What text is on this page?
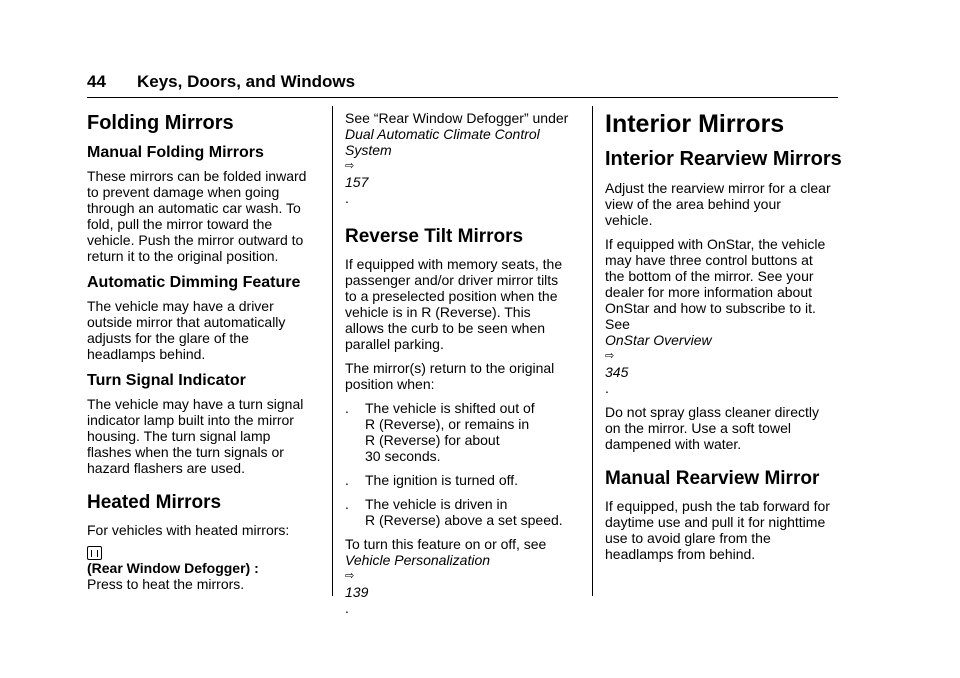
44 Keys, Doors, and Windows
Folding Mirrors
Manual Folding Mirrors

These mirrors can be folded inward
to prevent damage when going
through an automatic car wash. To
fold, pull the mirror toward the
vehicle. Push the mirror outward to
return it to the original position.

Automatic Dimming Feature

The vehicle may have a driver
outside mirror that automatically
adjusts for the glare of the
headlamps behind.

Turn Signal Indicator

The vehicle may have a turn signal
indicator lamp built into the mirror
housing. The turn signal lamp
flashes when the turn signals or
hazard flashers are used.

Heated Mirrors

For vehicles with heated mirrors:

(Rear Window Defogger) :
Press to heat the mirrors.

See “Rear Window Defogger” under
Dual Automatic Climate Control
System
⇨
157
.

Reverse Tilt Mirrors

If equipped with memory seats, the
passenger and/or driver mirror tilts
to a preselected position when the
vehicle is in R (Reverse). This
allows the curb to be seen when
parallel parking.

The mirror(s) return to the original
position when:

.	The vehicle is shifted out of
R (Reverse), or remains in
R (Reverse) for about
30 seconds.
.	The ignition is turned off.
.	The vehicle is driven in
R (Reverse) above a set speed.

To turn this feature on or off, see
Vehicle Personalization
⇨
139
.

Interior Mirrors
Interior Rearview Mirrors

Adjust the rearview mirror for a clear
view of the area behind your
vehicle.

If equipped with OnStar, the vehicle
may have three control buttons at
the bottom of the mirror. See your
dealer for more information about
OnStar and how to subscribe to it.
See
OnStar Overview
⇨
345
.

Do not spray glass cleaner directly
on the mirror. Use a soft towel
dampened with water.

Manual Rearview Mirror

If equipped, push the tab forward for
daytime use and pull it for nighttime
use to avoid glare from the
headlamps from behind.
